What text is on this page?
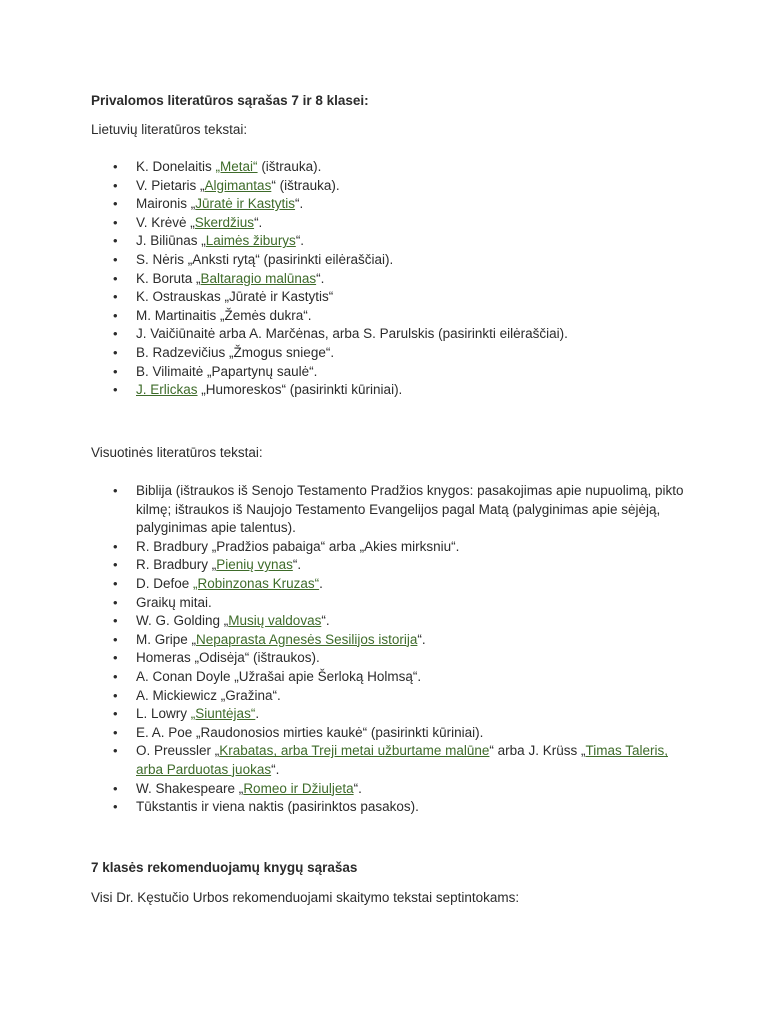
Privalomos literatūros sąrašas 7 ir 8 klasei:

Lietuvių literatūros tekstai:

• K. Donelaitis „Metai“ (ištrauka).
• V. Pietaris „Algimantas“ (ištrauka).
• Maironis „Jūratė ir Kastytis“.
• V. Krėvė „Skerdžius“.
• J. Biliūnas „Laimės žiburys“.
• S. Nėris „Anksti rytą“ (pasirinkti eilėraščiai).
• K. Boruta „Baltaragio malūnas“.
• K. Ostrauskas „Jūratė ir Kastytis“
• M. Martinaitis „Žemės dukra“.
• J. Vaičiūnaitė arba A. Marčėnas, arba S. Parulskis (pasirinkti eilėraščiai).
• B. Radzevičius „Žmogus sniege“.
• B. Vilimaitė „Papartynų saulė“.
• J. Erlickas „Humoreskos“ (pasirinkti kūriniai).

Visuotinės literatūros tekstai:

• Biblija (ištraukos iš Senojo Testamento Pradžios knygos: pasakojimas apie nupuolimą, pikto kilmę; ištraukos iš Naujojo Testamento Evangelijos pagal Matą (palyginimas apie sėjėją, palyginimas apie talentus).
• R. Bradbury „Pradžios pabaiga“ arba „Akies mirksniu“.
• R. Bradbury „Pienių vynas“.
• D. Defoe „Robinzonas Kruzas“.
• Graikų mitai.
• W. G. Golding „Musių valdovas“.
• M. Gripe „Nepaprasta Agnesės Sesilijos istorija“.
• Homeras „Odisėja“ (ištraukos).
• A. Conan Doyle „Užrašai apie Šerloką Holmsą“.
• A. Mickiewicz „Gražina“.
• L. Lowry „Siuntėjas“.
• E. A. Poe „Raudonosios mirties kaukė“ (pasirinkti kūriniai).
• O. Preussler „Krabatas, arba Treji metai užburtame malūne“ arba J. Krüss „Timas Taleris, arba Parduotas juokas“.
• W. Shakespeare „Romeo ir Džiuljeta“.
• Tūkstantis ir viena naktis (pasirinktos pasakos).

7 klasės rekomenduojamų knygų sąrašas

Visi Dr. Kęstučio Urbos rekomenduojami skaitymo tekstai septintokams:
